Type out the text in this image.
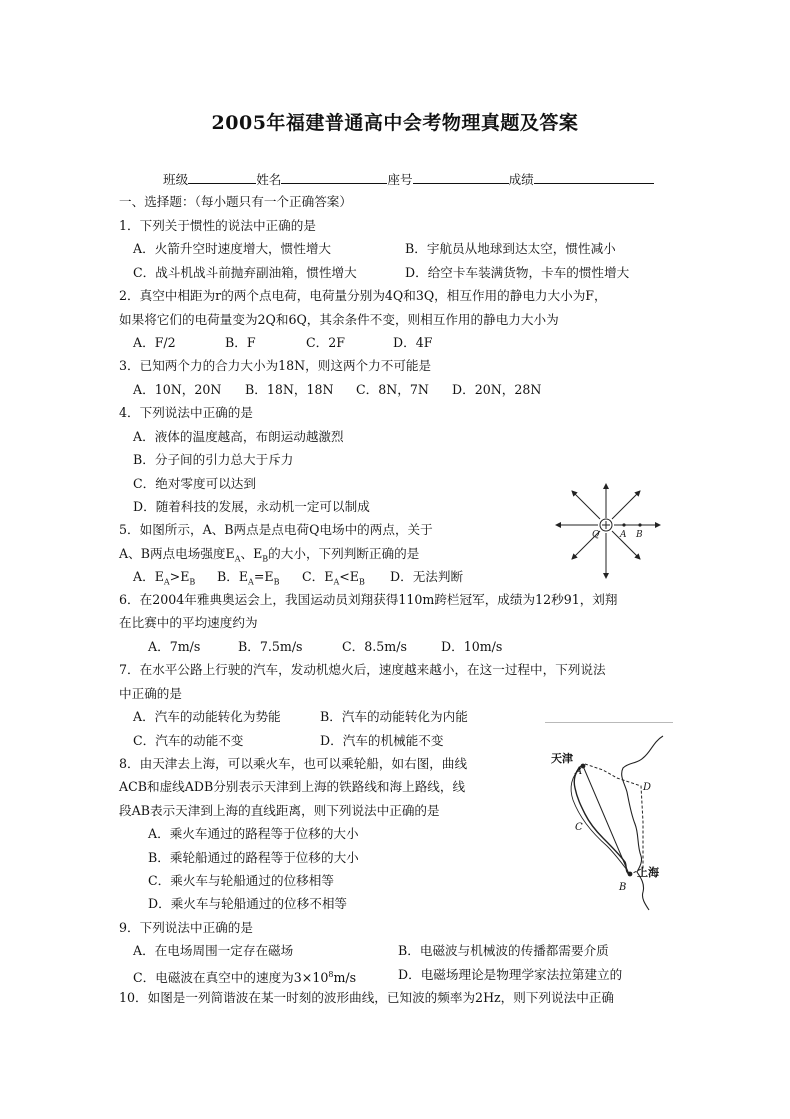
2005年福建普通高中会考物理真题及答案
班级	姓名	座号	成绩
一、选择题：（每小题只有一个正确答案）
1．下列关于惯性的说法中正确的是
A．火箭升空时速度增大，惯性增大	B．宇航员从地球到达太空，惯性减小
C．战斗机战斗前抛弃副油箱，惯性增大	D．给空卡车装满货物，卡车的惯性增大
2．真空中相距为r的两个点电荷，电荷量分别为4Q和3Q，相互作用的静电力大小为F，
如果将它们的电荷量变为2Q和6Q，其余条件不变，则相互作用的静电力大小为
A．F/2	B．F	C．2F	D．4F
3．已知两个力的合力大小为18N，则这两个力不可能是
A．10N，20N B．18N，18N C．8N，7N D．20N，28N
4．下列说法中正确的是
A．液体的温度越高，布朗运动越激烈
B．分子间的引力总大于斥力
C．绝对零度可以达到
D．随着科技的发展，永动机一定可以制成
5．如图所示，A、B两点是点电荷Q电场中的两点，关于
A、B两点电场强度$E_A$、$E_B$的大小，下列判断正确的是
A．$E_A>E_B$ B．$E_A=E_B$ C．$E_A<E_B$ D．无法判断
Q A B
6．在2004年雅典奥运会上，我国运动员刘翔获得110m跨栏冠军，成绩为12秒91，刘翔
在比赛中的平均速度约为
A．7m/s	B．7.5m/s	C．8.5m/s	D．10m/s
7．在水平公路上行驶的汽车，发动机熄火后，速度越来越小，在这一过程中，下列说法
中正确的是
A．汽车的动能转化为势能	B．汽车的动能转化为内能
C．汽车的动能不变	D．汽车的机械能不变
8．由天津去上海，可以乘火车，也可以乘轮船，如右图，曲线
ACB和虚线ADB分别表示天津到上海的铁路线和海上路线，线
段AB表示天津到上海的直线距离，则下列说法中正确的是
A．乘火车通过的路程等于位移的大小
B．乘轮船通过的路程等于位移的大小
C．乘火车与轮船通过的位移相等
D．乘火车与轮船通过的位移不相等
天津
A
D
C
B
上海
9．下列说法中正确的是
A．在电场周围一定存在磁场	B．电磁波与机械波的传播都需要介质
C．电磁波在真空中的速度为$3\times 10^8m/s$	D．电磁场理论是物理学家法拉第建立的
10．如图是一列简谐波在某一时刻的波形曲线，已知波的频率为2Hz，则下列说法中正确
